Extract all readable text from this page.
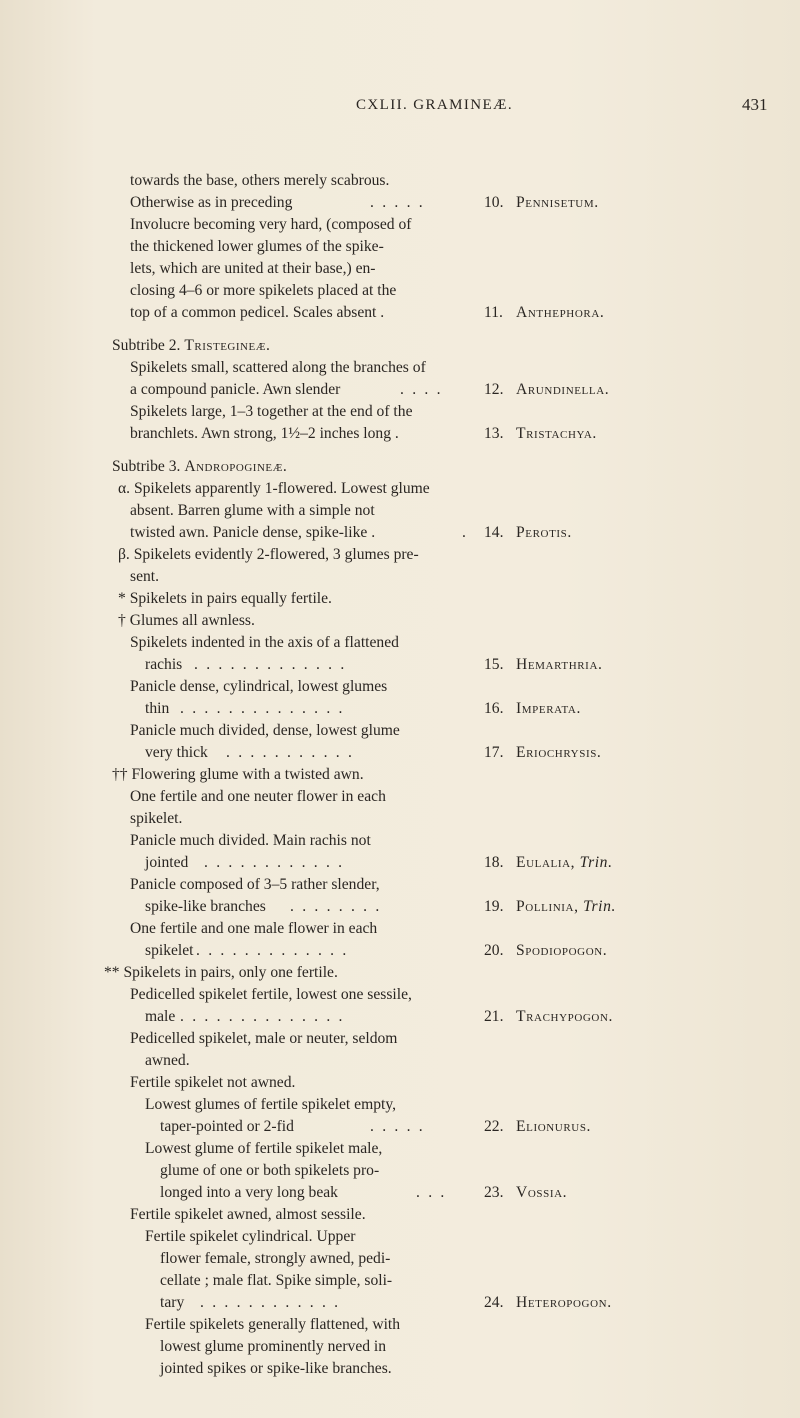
CXLII. GRAMINEÆ.	431
towards the base, others merely scabrous.
Otherwise as in preceding	. . . . .	10. Pennisetum.
Involucre becoming very hard, (composed of
the thickened lower glumes of the spike-
lets, which are united at their base,) en-
closing 4–6 or more spikelets placed at the
top of a common pedicel. Scales absent .	11. Anthephora.
Subtribe 2. Tristegineæ.
Spikelets small, scattered along the branches of
a compound panicle. Awn slender	. . . .	12. Arundinella.
Spikelets large, 1–3 together at the end of the
branchlets. Awn strong, 1½–2 inches long .	13. Tristachya.
Subtribe 3. Andropogineæ.
α. Spikelets apparently 1-flowered. Lowest glume
absent. Barren glume with a simple not
twisted awn. Panicle dense, spike-like .	. 14. Perotis.
β. Spikelets evidently 2-flowered, 3 glumes pre-
sent.
* Spikelets in pairs equally fertile.
† Glumes all awnless.
Spikelets indented in the axis of a flattened
rachis . . . . . . . . . . . . .	15. Hemarthria.
Panicle dense, cylindrical, lowest glumes
thin . . . . . . . . . . . . . .	16. Imperata.
Panicle much divided, dense, lowest glume
very thick . . . . . . . . . . .	17. Eriochrysis.
†† Flowering glume with a twisted awn.
One fertile and one neuter flower in each
spikelet.
Panicle much divided. Main rachis not
jointed . . . . . . . . . . . .	18. Eulalia, Trin.
Panicle composed of 3–5 rather slender,
spike-like branches . . . . . . . .	19. Pollinia, Trin.
One fertile and one male flower in each
spikelet . . . . . . . . . . . . .	20. Spodiopogon.
** Spikelets in pairs, only one fertile.
Pedicelled spikelet fertile, lowest one sessile,
male . . . . . . . . . . . . . .	21. Trachypogon.
Pedicelled spikelet, male or neuter, seldom
awned.
Fertile spikelet not awned.
Lowest glumes of fertile spikelet empty,
taper-pointed or 2-fid	. . . . .	22. Elionurus.
Lowest glume of fertile spikelet male,
glume of one or both spikelets pro-
longed into a very long beak	. . . 23. Vossia.
Fertile spikelet awned, almost sessile.
Fertile spikelet cylindrical. Upper
flower female, strongly awned, pedi-
cellate ; male flat. Spike simple, soli-
tary . . . . . . . . . . . .	24. Heteropogon.
Fertile spikelets generally flattened, with
lowest glume prominently nerved in
jointed spikes or spike-like branches.
